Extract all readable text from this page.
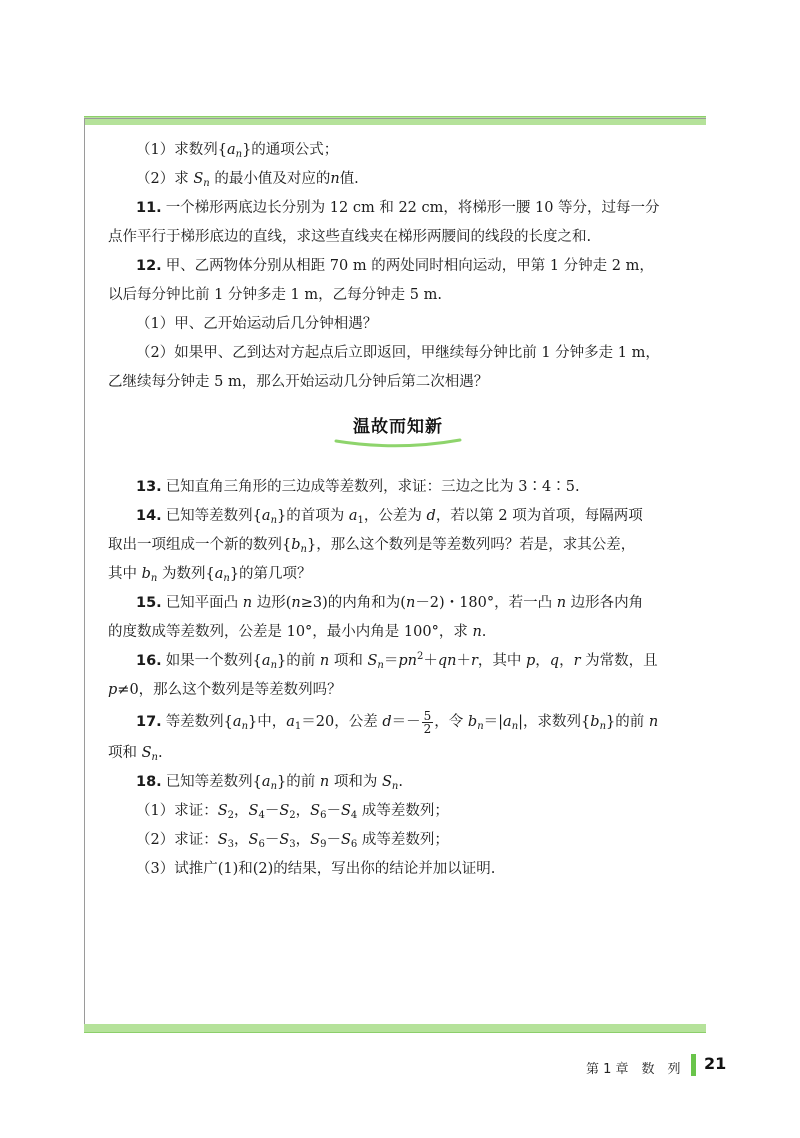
（1）求数列$\{a_n\}$的通项公式；
（2）求 $S_n$ 的最小值及对应的n值.
11. 一个梯形两底边长分别为 12 cm 和 22 cm，将梯形一腰 10 等分，过每一分
点作平行于梯形底边的直线，求这些直线夹在梯形两腰间的线段的长度之和.
12. 甲、乙两物体分别从相距 70 m 的两处同时相向运动，甲第 1 分钟走 2 m，
以后每分钟比前 1 分钟多走 1 m，乙每分钟走 5 m.
（1）甲、乙开始运动后几分钟相遇？
（2）如果甲、乙到达对方起点后立即返回，甲继续每分钟比前 1 分钟多走 1 m，
乙继续每分钟走 5 m，那么开始运动几分钟后第二次相遇？
温故而知新
13. 已知直角三角形的三边成等差数列，求证：三边之比为 3∶4∶5.
14. 已知等差数列$\{a_n\}$的首项为 $a_1$，公差为 d，若以第 2 项为首项，每隔两项
取出一项组成一个新的数列$\{b_n\}$，那么这个数列是等差数列吗？若是，求其公差，
其中 $b_n$ 为数列$\{a_n\}$的第几项？
15. 已知平面凸 n 边形(n≥3)的内角和为(n－2)・180°，若一凸 n 边形各内角
的度数成等差数列，公差是 10°，最小内角是 100°，求 n.
16. 如果一个数列$\{a_n\}$的前 n 项和 $S_n=pn^2+qn+r$，其中 p，q，r 为常数，且
p≠0，那么这个数列是等差数列吗？
17. 等差数列$\{a_n\}$中，$a_1=20$，公差 $d=- \frac{5}{2}$ ，令 $b_n=|a_n|$，求数列$\{b_n\}$的前 n
项和 $S_n$.
18. 已知等差数列$\{a_n\}$的前 n 项和为 $S_n$.
（1）求证：$S_2$，$S_4-S_2$，$S_6-S_4$ 成等差数列；
（2）求证：$S_3$，$S_6-S_3$，$S_9-S_6$ 成等差数列；
（3）试推广(1)和(2)的结果，写出你的结论并加以证明.
第 1 章　数　列 21
